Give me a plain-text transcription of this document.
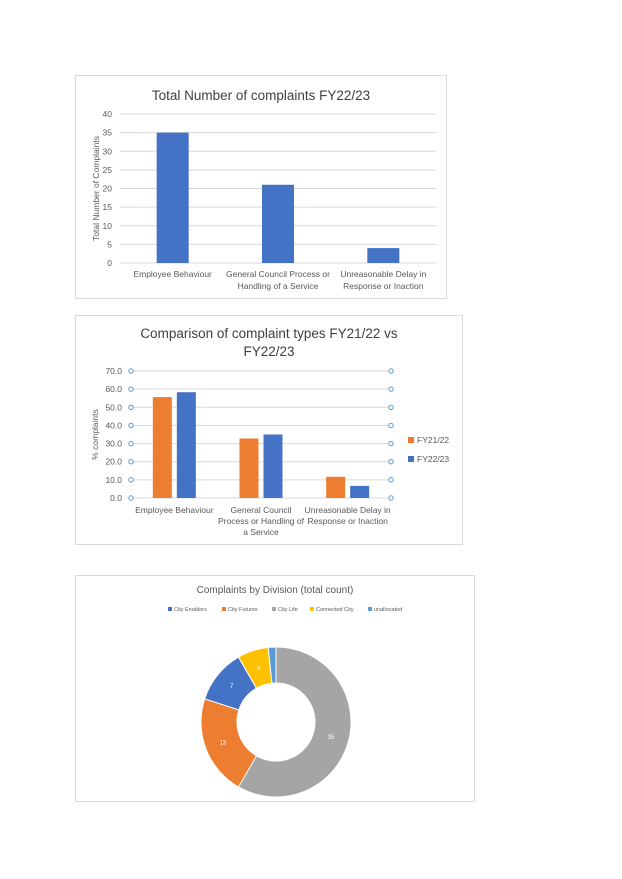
Total Number of complaints FY22/23
0
5
10
15
20
25
30
35
40
Total Number of Complaints
Employee Behaviour General Council Process or
Handling of a Service
Unreasonable Delay in
Response or Inaction
Comparison of complaint types FY21/22 vs
FY22/23
0.0
10.0
20.0
30.0
40.0
50.0
60.0
70.0
% complaints
Employee Behaviour General Council
Process or Handling of
a Service
Unreasonable Delay in
Response or Inaction
FY21/22
FY22/23
Complaints by Division (total count)
City Enablers	City Futures	City Life	Connected City	unallocated
35
13
7
4
